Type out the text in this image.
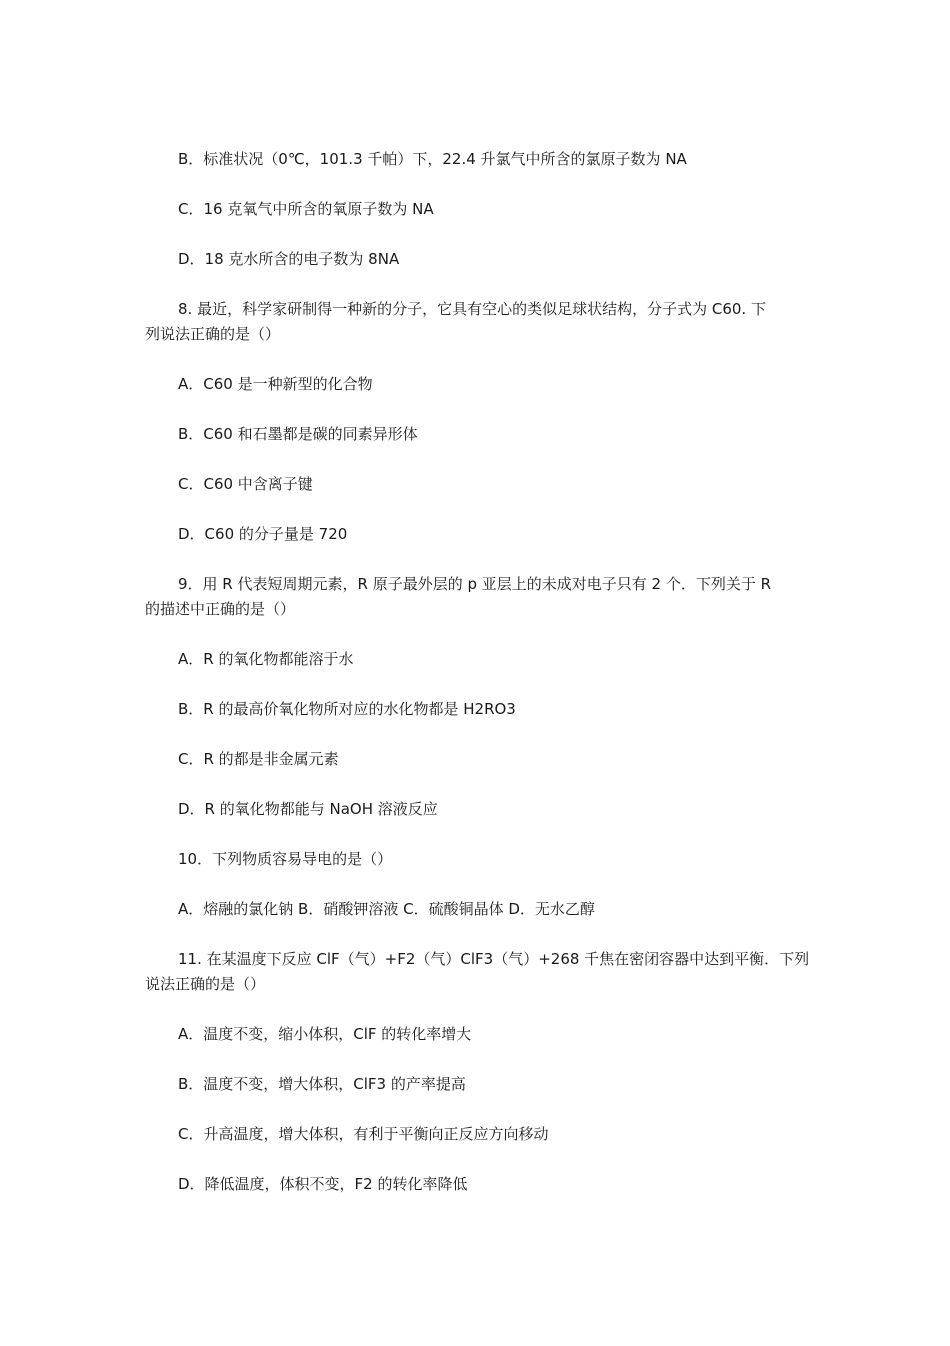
B．标准状况（0℃，101.3 千帕）下，22.4 升氯气中所含的氯原子数为 NA
C．16 克氧气中所含的氧原子数为 NA
D．18 克水所含的电子数为 8NA
8. 最近，科学家研制得一种新的分子，它具有空心的类似足球状结构，分子式为 C60. 下
列说法正确的是（）
A．C60 是一种新型的化合物
B．C60 和石墨都是碳的同素异形体
C．C60 中含离子键
D．C60 的分子量是 720
9．用 R 代表短周期元素，R 原子最外层的 p 亚层上的未成对电子只有 2 个．下列关于 R
的描述中正确的是（）
A．R 的氧化物都能溶于水
B．R 的最高价氧化物所对应的水化物都是 H2RO3
C．R 的都是非金属元素
D．R 的氧化物都能与 NaOH 溶液反应
10．下列物质容易导电的是（）
A．熔融的氯化钠 B．硝酸钾溶液 C．硫酸铜晶体 D．无水乙醇
11. 在某温度下反应 ClF（气）+F2（气）ClF3（气）+268 千焦在密闭容器中达到平衡．下列
说法正确的是（）
A．温度不变，缩小体积，ClF 的转化率增大
B．温度不变，增大体积，ClF3 的产率提高
C．升高温度，增大体积，有利于平衡向正反应方向移动
D．降低温度，体积不变，F2 的转化率降低
